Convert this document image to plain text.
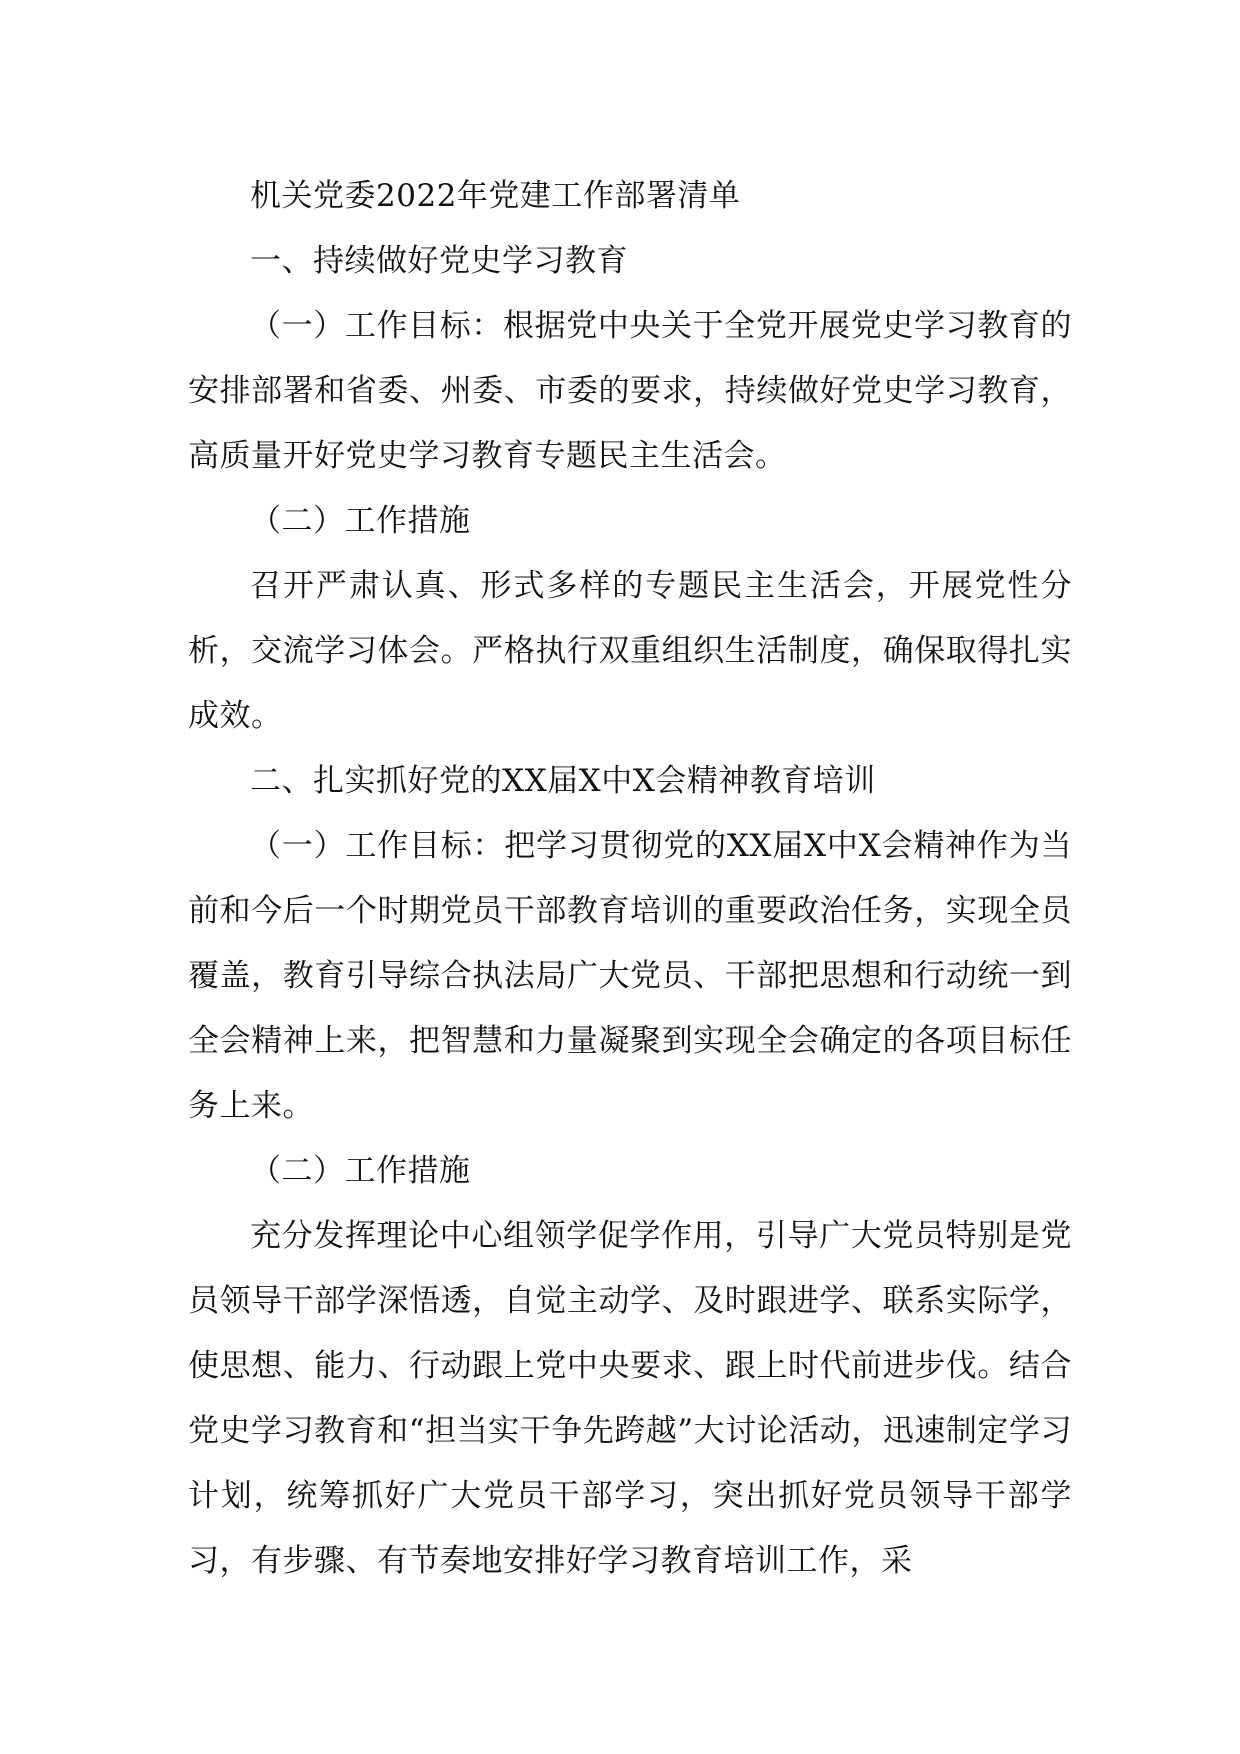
机关党委2022年党建工作部署清单

一、持续做好党史学习教育

（一）工作目标：根据党中央关于全党开展党史学习教育的安排部署和省委、州委、市委的要求，持续做好党史学习教育，高质量开好党史学习教育专题民主生活会。

（二）工作措施

召开严肃认真、形式多样的专题民主生活会，开展党性分析，交流学习体会。严格执行双重组织生活制度，确保取得扎实成效。

二、扎实抓好党的XX届X中X会精神教育培训

（一）工作目标：把学习贯彻党的XX届X中X会精神作为当前和今后一个时期党员干部教育培训的重要政治任务，实现全员覆盖，教育引导综合执法局广大党员、干部把思想和行动统一到全会精神上来，把智慧和力量凝聚到实现全会确定的各项目标任务上来。

（二）工作措施

充分发挥理论中心组领学促学作用，引导广大党员特别是党员领导干部学深悟透，自觉主动学、及时跟进学、联系实际学，使思想、能力、行动跟上党中央要求、跟上时代前进步伐。结合党史学习教育和“担当实干争先跨越”大讨论活动，迅速制定学习计划，统筹抓好广大党员干部学习，突出抓好党员领导干部学习，有步骤、有节奏地安排好学习教育培训工作，采
